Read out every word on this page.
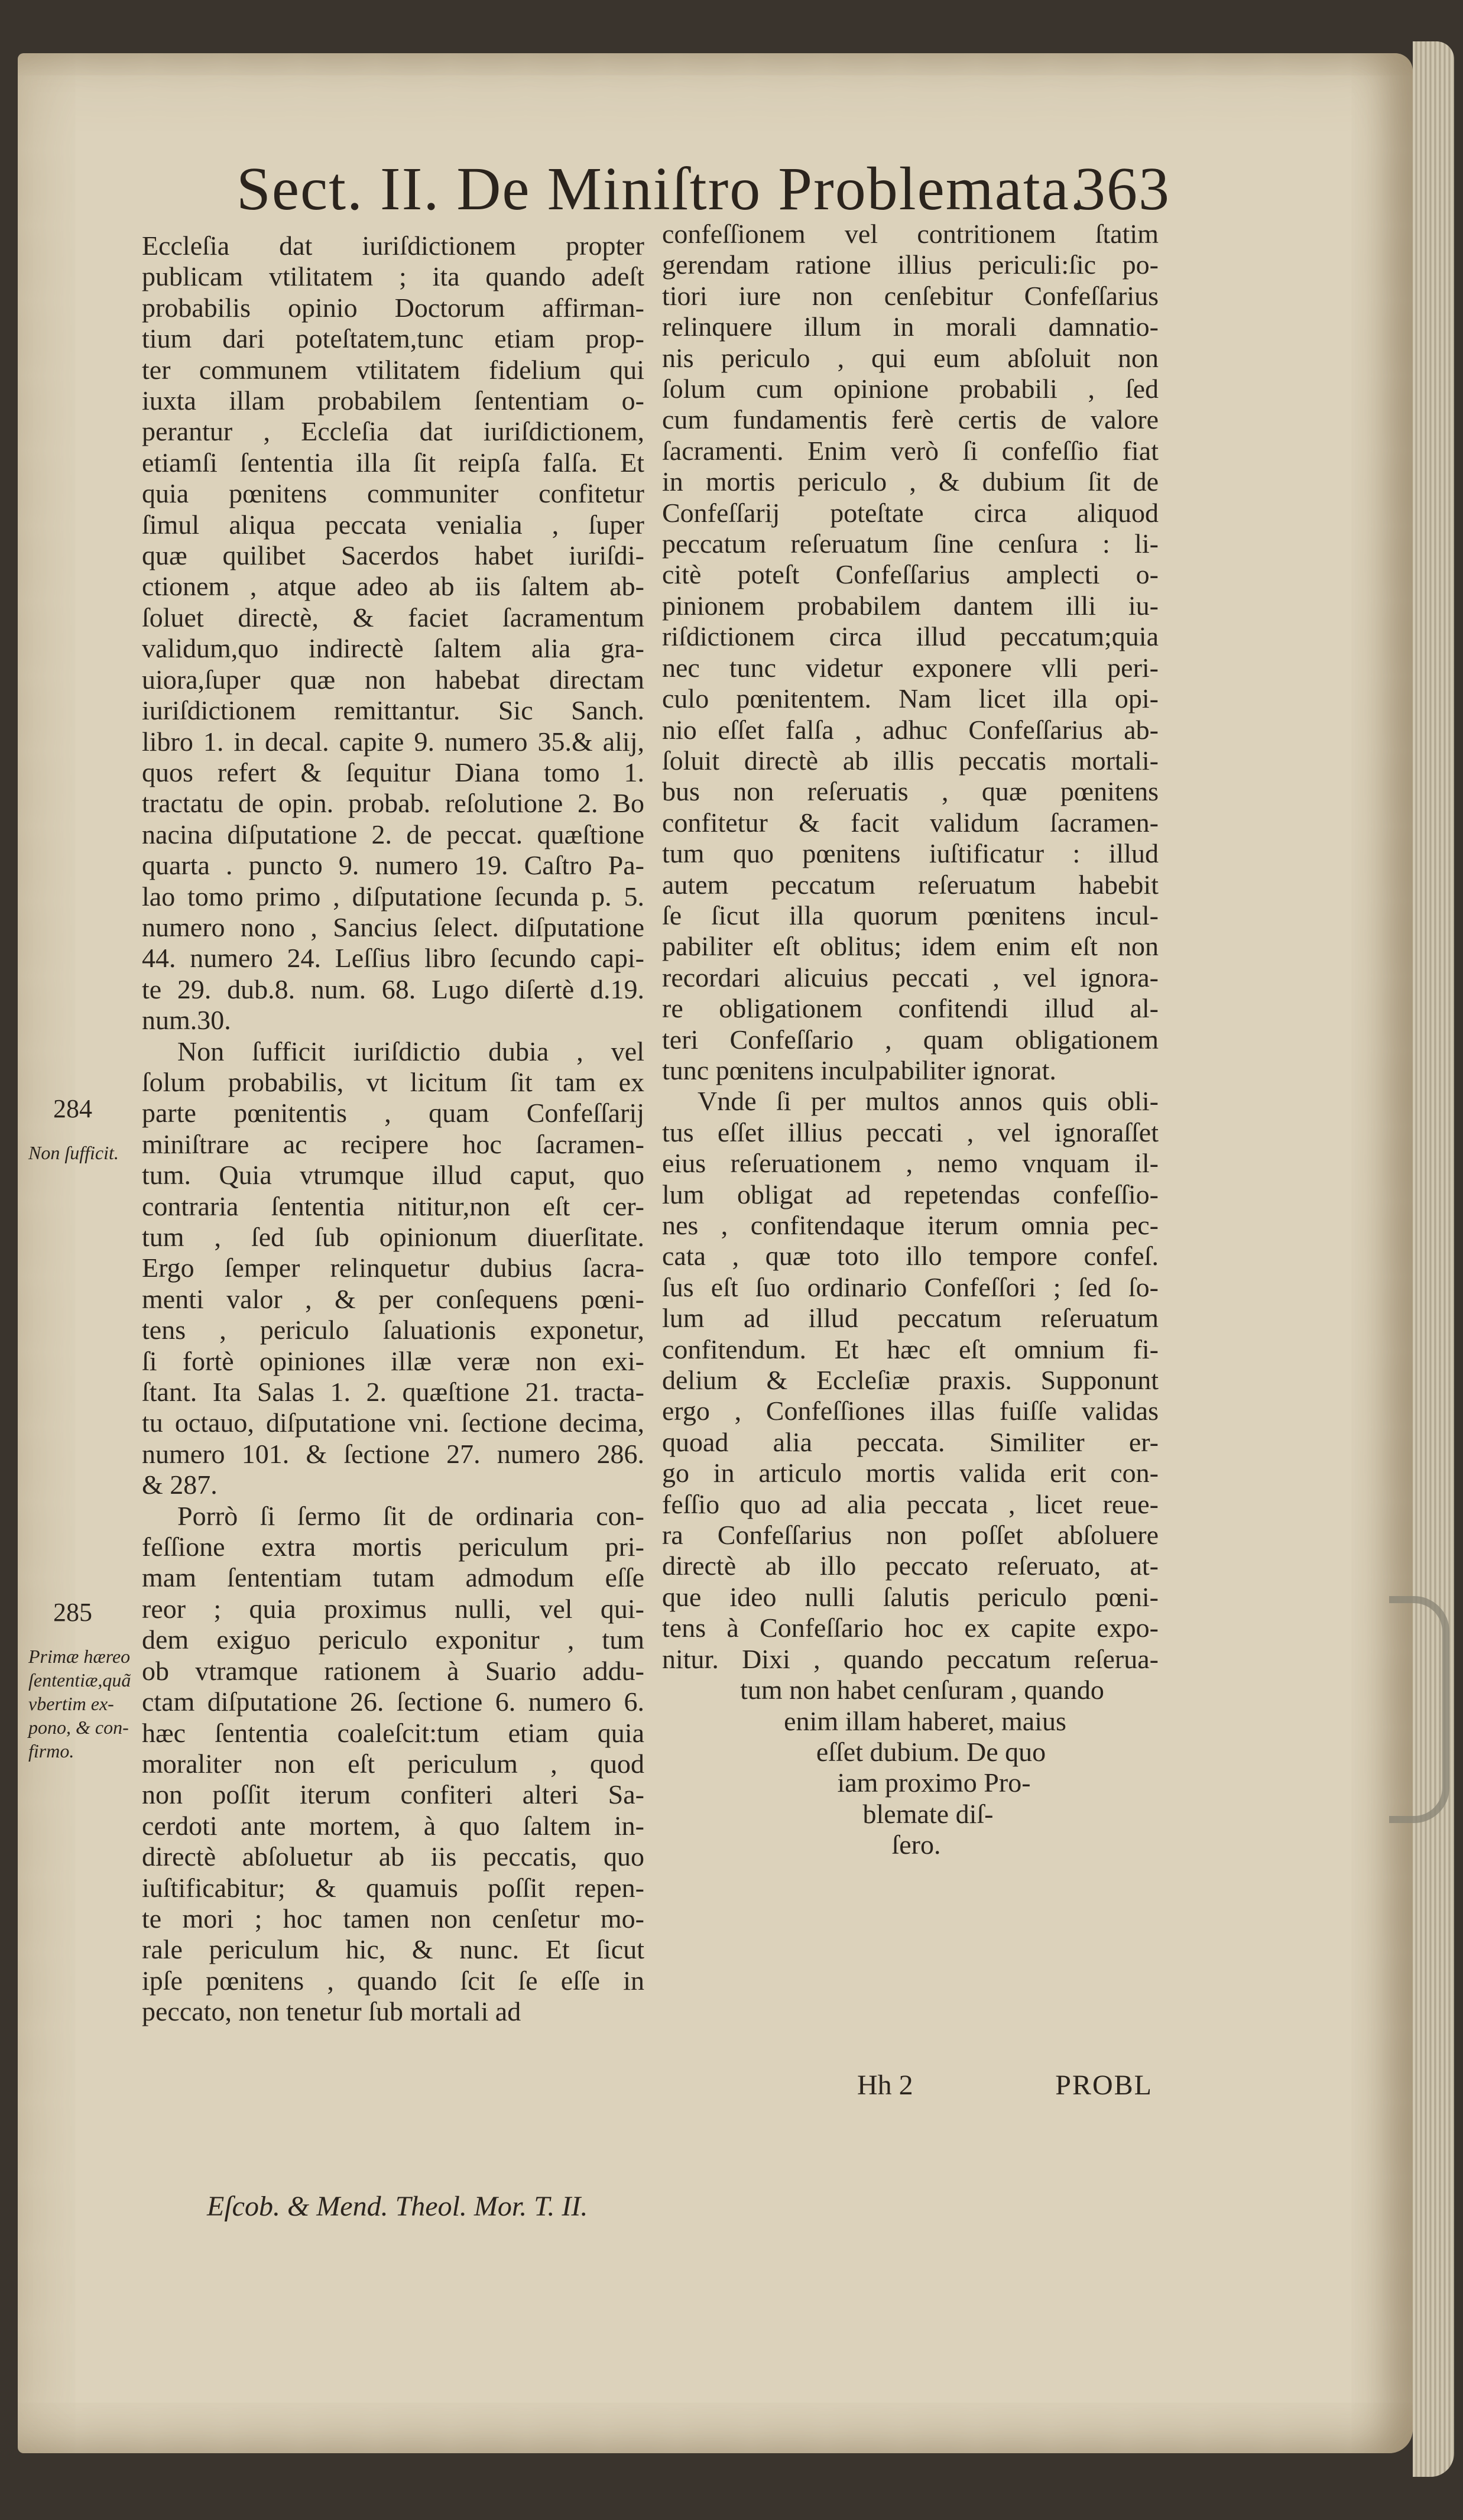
Sect. II. De Miniſtro Problemata.
363
Eccleſia dat iuriſdictionem propter
publicam vtilitatem ; ita quando adeſt
probabilis opinio Doctorum affirman-
tium dari poteſtatem,tunc etiam prop-
ter communem vtilitatem fidelium qui
iuxta illam probabilem ſententiam o-
perantur , Eccleſia dat iuriſdictionem,
etiamſi ſententia illa ſit reipſa falſa. Et
quia pœnitens communiter confitetur
ſimul aliqua peccata venialia , ſuper
quæ quilibet Sacerdos habet iuriſdi-
ctionem , atque adeo ab iis ſaltem ab-
ſoluet directè, & faciet ſacramentum
validum,quo indirectè ſaltem alia gra-
uiora,ſuper quæ non habebat directam
iuriſdictionem remittantur. Sic Sanch.
libro 1. in decal. capite 9. numero 35.& alij,
quos refert & ſequitur Diana tomo 1.
tractatu de opin. probab. reſolutione 2. Bo
nacina diſputatione 2. de peccat. quæſtione
quarta . puncto 9. numero 19. Caſtro Pa-
lao tomo primo , diſputatione ſecunda p. 5.
numero nono , Sancius ſelect. diſputatione
44. numero 24. Leſſius libro ſecundo capi-
te 29. dub.8. num. 68. Lugo diſertè d.19.
num.30.
Non ſufficit iuriſdictio dubia , vel
ſolum probabilis, vt licitum ſit tam ex
parte pœnitentis , quam Confeſſarij
miniſtrare ac recipere hoc ſacramen-
tum. Quia vtrumque illud caput, quo
contraria ſententia nititur,non eſt cer-
tum , ſed ſub opinionum diuerſitate.
Ergo ſemper relinquetur dubius ſacra-
menti valor , & per conſequens pœni-
tens , periculo ſaluationis exponetur,
ſi fortè opiniones illæ veræ non exi-
ſtant. Ita Salas 1. 2. quæſtione 21. tracta-
tu octauo, diſputatione vni. ſectione decima,
numero 101. & ſectione 27. numero 286.
& 287.
Porrò ſi ſermo ſit de ordinaria con-
feſſione extra mortis periculum pri-
mam ſententiam tutam admodum eſſe
reor ; quia proximus nulli, vel qui-
dem exiguo periculo exponitur , tum
ob vtramque rationem à Suario addu-
ctam diſputatione 26. ſectione 6. numero 6.
hæc ſententia coaleſcit:tum etiam quia
moraliter non eſt periculum , quod
non poſſit iterum confiteri alteri Sa-
cerdoti ante mortem, à quo ſaltem in-
directè abſoluetur ab iis peccatis, quo
iuſtificabitur; & quamuis poſſit repen-
te mori ; hoc tamen non cenſetur mo-
rale periculum hic, & nunc. Et ſicut
ipſe pœnitens , quando ſcit ſe eſſe in
peccato, non tenetur ſub mortali ad
confeſſionem vel contritionem ſtatim
gerendam ratione illius periculi:ſic po-
tiori iure non cenſebitur Confeſſarius
relinquere illum in morali damnatio-
nis periculo , qui eum abſoluit non
ſolum cum opinione probabili , ſed
cum fundamentis ferè certis de valore
ſacramenti. Enim verò ſi confeſſio fiat
in mortis periculo , & dubium ſit de
Confeſſarij poteſtate circa aliquod
peccatum reſeruatum ſine cenſura : li-
citè poteſt Confeſſarius amplecti o-
pinionem probabilem dantem illi iu-
riſdictionem circa illud peccatum;quia
nec tunc videtur exponere vlli peri-
culo pœnitentem. Nam licet illa opi-
nio eſſet falſa , adhuc Confeſſarius ab-
ſoluit directè ab illis peccatis mortali-
bus non reſeruatis , quæ pœnitens
confitetur & facit validum ſacramen-
tum quo pœnitens iuſtificatur : illud
autem peccatum reſeruatum habebit
ſe ſicut illa quorum pœnitens incul-
pabiliter eſt oblitus; idem enim eſt non
recordari alicuius peccati , vel ignora-
re obligationem confitendi illud al-
teri Confeſſario , quam obligationem
tunc pœnitens inculpabiliter ignorat.
Vnde ſi per multos annos quis obli-
tus eſſet illius peccati , vel ignoraſſet
eius reſeruationem , nemo vnquam il-
lum obligat ad repetendas confeſſio-
nes , confitendaque iterum omnia pec-
cata , quæ toto illo tempore confeſ.
ſus eſt ſuo ordinario Confeſſori ; ſed ſo-
lum ad illud peccatum reſeruatum
confitendum. Et hæc eſt omnium fi-
delium & Eccleſiæ praxis. Supponunt
ergo , Confeſſiones illas fuiſſe validas
quoad alia peccata. Similiter er-
go in articulo mortis valida erit con-
feſſio quo ad alia peccata , licet reue-
ra Confeſſarius non poſſet abſoluere
directè ab illo peccato reſeruato, at-
que ideo nulli ſalutis periculo pœni-
tens à Confeſſario hoc ex capite expo-
nitur. Dixi , quando peccatum reſerua-
tum non habet cenſuram , quando
enim illam haberet, maius
eſſet dubium. De quo
iam proximo Pro-
blemate diſ-
ſero.
284
Non ſufficit.
285
Primæ hæreo
ſententiæ,quã
vbertim ex-
pono, & con-
firmo.
Hh 2	PROBL
Eſcob. & Mend. Theol. Mor. T. II.
